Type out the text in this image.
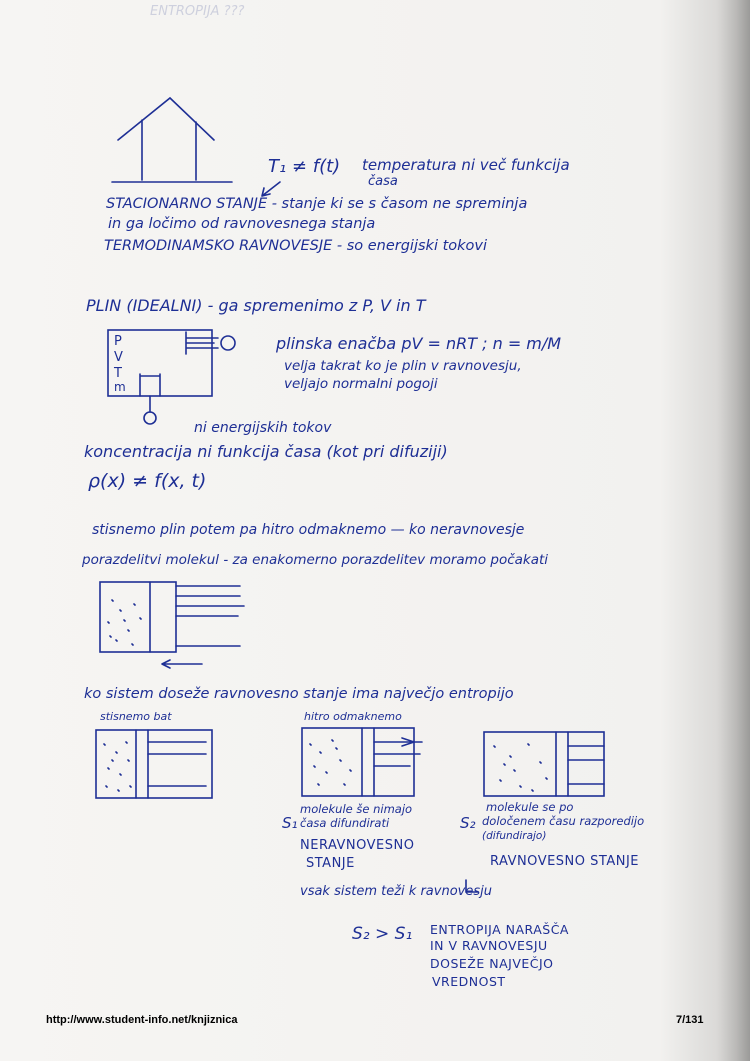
ENTROPIJA ???
T₁ ≠ f(t) temperatura ni več funkcija
časa
STACIONARNO STANJE - stanje ki se s časom ne spreminja
in ga ločimo od ravnovesnega stanja
TERMODINAMSKO RAVNOVESJE - so energijski tokovi
PLIN (IDEALNI) - ga spremenimo z P, V in T
P
V
T
m
plinska enačba pV = nRT ; n = m/M
velja takrat ko je plin v ravnovesju,
veljajo normalni pogoji
ni energijskih tokov
koncentracija ni funkcija časa (kot pri difuziji)
ρ(x) ≠ f(x, t)
stisnemo plin potem pa hitro odmaknemo — ko neravnovesje
porazdelitvi molekul - za enakomerno porazdelitev moramo počakati
ko sistem doseže ravnovesno stanje ima največjo entropijo
stisnemo bat	hitro odmaknemo
molekule še nimajo
S₁ časa difundirati
NERAVNOVESNO
STANJE
molekule se po
S₂ določenem času razporedijo
(difundirajo)
RAVNOVESNO STANJE
vsak sistem teži k ravnovesju
S₂ > S₁ ENTROPIJA NARAŠČA
IN V RAVNOVESJU
DOSEŽE NAJVEČJO
VREDNOST
http://www.student-info.net/knjiznica	7/131
